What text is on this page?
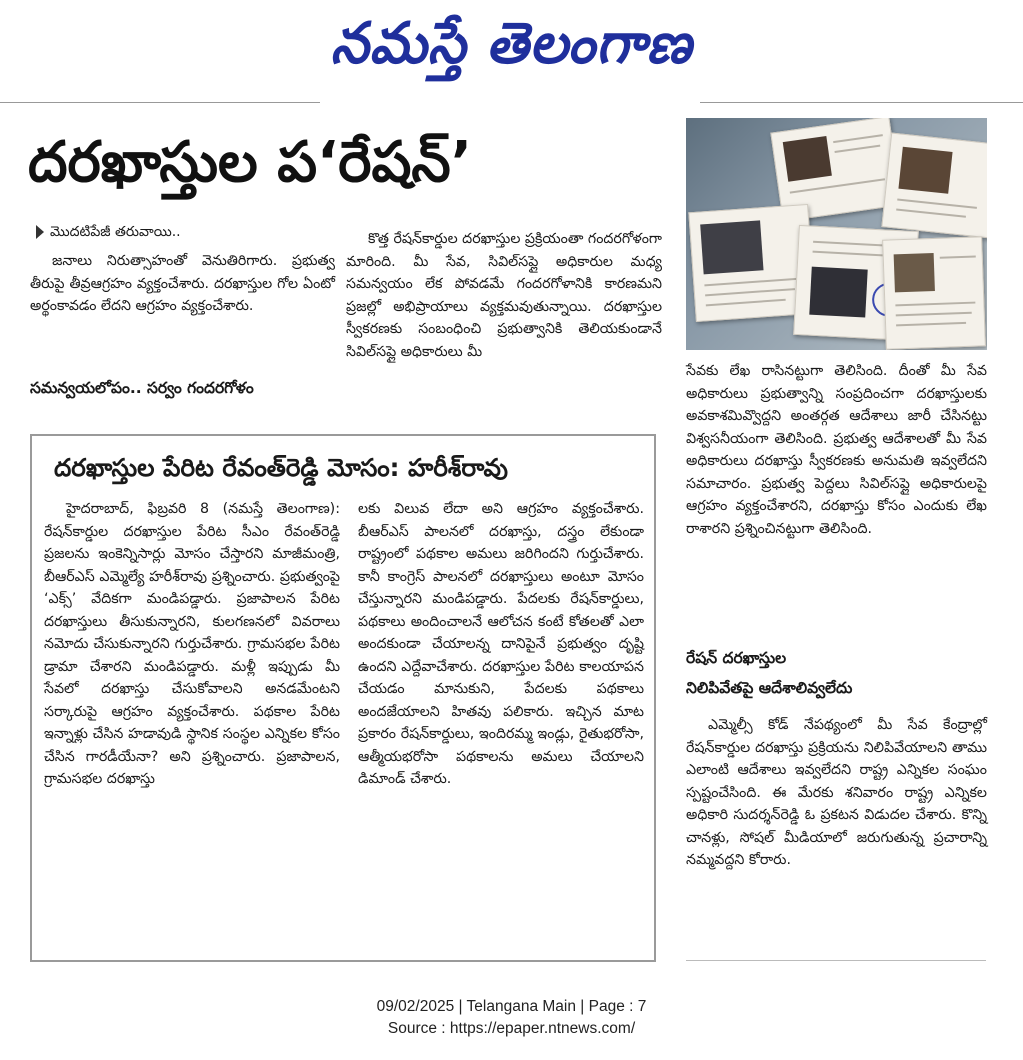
నమస్తే తెలంగాణ
దరఖాస్తుల ప‘రేషన్’
మొదటిపేజీ తరువాయి..

జనాలు నిరుత్సాహంతో వెనుతిరిగారు. ప్రభుత్వ తీరుపై తీవ్రఆగ్రహం వ్యక్తంచేశారు. దరఖాస్తుల గోల ఏంటో అర్థంకావడం లేదని ఆగ్రహం వ్యక్తంచేశారు.

సమన్వయలోపం.. సర్వం గందరగోళం

కొత్త రేషన్‌కార్డుల దరఖాస్తుల ప్రక్రియంతా గందరగోళంగా మారింది. మీ సేవ, సివిల్‌సప్లై అధికారుల మధ్య సమన్వయం లేక పోవడమే గందరగోళానికి కారణమని ప్రజల్లో అభిప్రాయాలు వ్యక్తమవుతున్నాయి. దరఖాస్తుల స్వీకరణకు సంబంధించి ప్రభుత్వానికి తెలియకుండానే సివిల్‌సప్లై అధికారులు మీ

దరఖాస్తుల పేరిట రేవంత్‌రెడ్డి మోసం: హరీశ్‌రావు

హైదరాబాద్, ఫిబ్రవరి 8 (నమస్తే తెలంగాణ): రేషన్‌కార్డుల దరఖాస్తుల పేరిట సీఎం రేవంత్‌రెడ్డి ప్రజలను ఇంకెన్నిసార్లు మోసం చేస్తారని మాజీమంత్రి, బీఆర్‌ఎస్ ఎమ్మెల్యే హరీశ్‌రావు ప్రశ్నించారు. ప్రభుత్వంపై ‘ఎక్స్’ వేదికగా మండిపడ్డారు. ప్రజాపాలన పేరిట దరఖాస్తులు తీసుకున్నారని, కులగణనలో వివరాలు నమోదు చేసుకున్నారని గుర్తుచేశారు. గ్రామసభల పేరిట డ్రామా చేశారని మండిపడ్డారు. మళ్లీ ఇప్పుడు మీ సేవలో దరఖాస్తు చేసుకోవాలని అనడమేంటని సర్కారుపై ఆగ్రహం వ్యక్తంచేశారు. పథకాల పేరిట ఇన్నాళ్లు చేసిన హడావుడి స్థానిక సంస్థల ఎన్నికల కోసం చేసిన గారడీయేనా? అని ప్రశ్నించారు. ప్రజాపాలన, గ్రామసభల దరఖాస్తు

లకు విలువ లేదా అని ఆగ్రహం వ్యక్తంచేశారు. బీఆర్‌ఎస్ పాలనలో దరఖాస్తు, దస్త్రం లేకుండా రాష్ట్రంలో పథకాల అమలు జరిగిందని గుర్తుచేశారు. కానీ కాంగ్రెస్ పాలనలో దరఖాస్తులు అంటూ మోసం చేస్తున్నారని మండిపడ్డారు. పేదలకు రేషన్‌కార్డులు, పథకాలు అందించాలనే ఆలోచన కంటే కోతలతో ఎలా అందకుండా చేయాలన్న దానిపైనే ప్రభుత్వం దృష్టి ఉందని ఎద్దేవాచేశారు. దరఖాస్తుల పేరిట కాలయాపన చేయడం మానుకుని, పేదలకు పథకాలు అందజేయాలని హితవు పలికారు. ఇచ్చిన మాట ప్రకారం రేషన్‌కార్డులు, ఇందిరమ్మ ఇండ్లు, రైతుభరోసా, ఆత్మీయభరోసా పథకాలను అమలు చేయాలని డిమాండ్ చేశారు.

సేవకు లేఖ రాసినట్టుగా తెలిసింది. దీంతో మీ సేవ అధికారులు ప్రభుత్వాన్ని సంప్రదించగా దరఖాస్తులకు అవకాశమివ్వొద్దని అంతర్గత ఆదేశాలు జారీ చేసినట్టు విశ్వసనీయంగా తెలిసింది. ప్రభుత్వ ఆదేశాలతో మీ సేవ అధికారులు దరఖాస్తు స్వీకరణకు అనుమతి ఇవ్వలేదని సమాచారం. ప్రభుత్వ పెద్దలు సివిల్‌సప్లై అధికారులపై ఆగ్రహం వ్యక్తంచేశారని, దరఖాస్తు కోసం ఎందుకు లేఖ రాశారని ప్రశ్నించినట్టుగా తెలిసింది.

రేషన్ దరఖాస్తుల
నిలిపివేతపై ఆదేశాలివ్వలేదు

ఎమ్మెల్సీ కోడ్ నేపథ్యంలో మీ సేవ కేంద్రాల్లో రేషన్‌కార్డుల దరఖాస్తు ప్రక్రియను నిలిపివేయాలని తాము ఎలాంటి ఆదేశాలు ఇవ్వలేదని రాష్ట్ర ఎన్నికల సంఘం స్పష్టంచేసింది. ఈ మేరకు శనివారం రాష్ట్ర ఎన్నికల అధికారి సుదర్శన్‌రెడ్డి ఓ ప్రకటన విడుదల చేశారు. కొన్ని చానళ్లు, సోషల్ మీడియాలో జరుగుతున్న ప్రచారాన్ని నమ్మవద్దని కోరారు.

09/02/2025 | Telangana Main | Page : 7
Source : https://epaper.ntnews.com/
